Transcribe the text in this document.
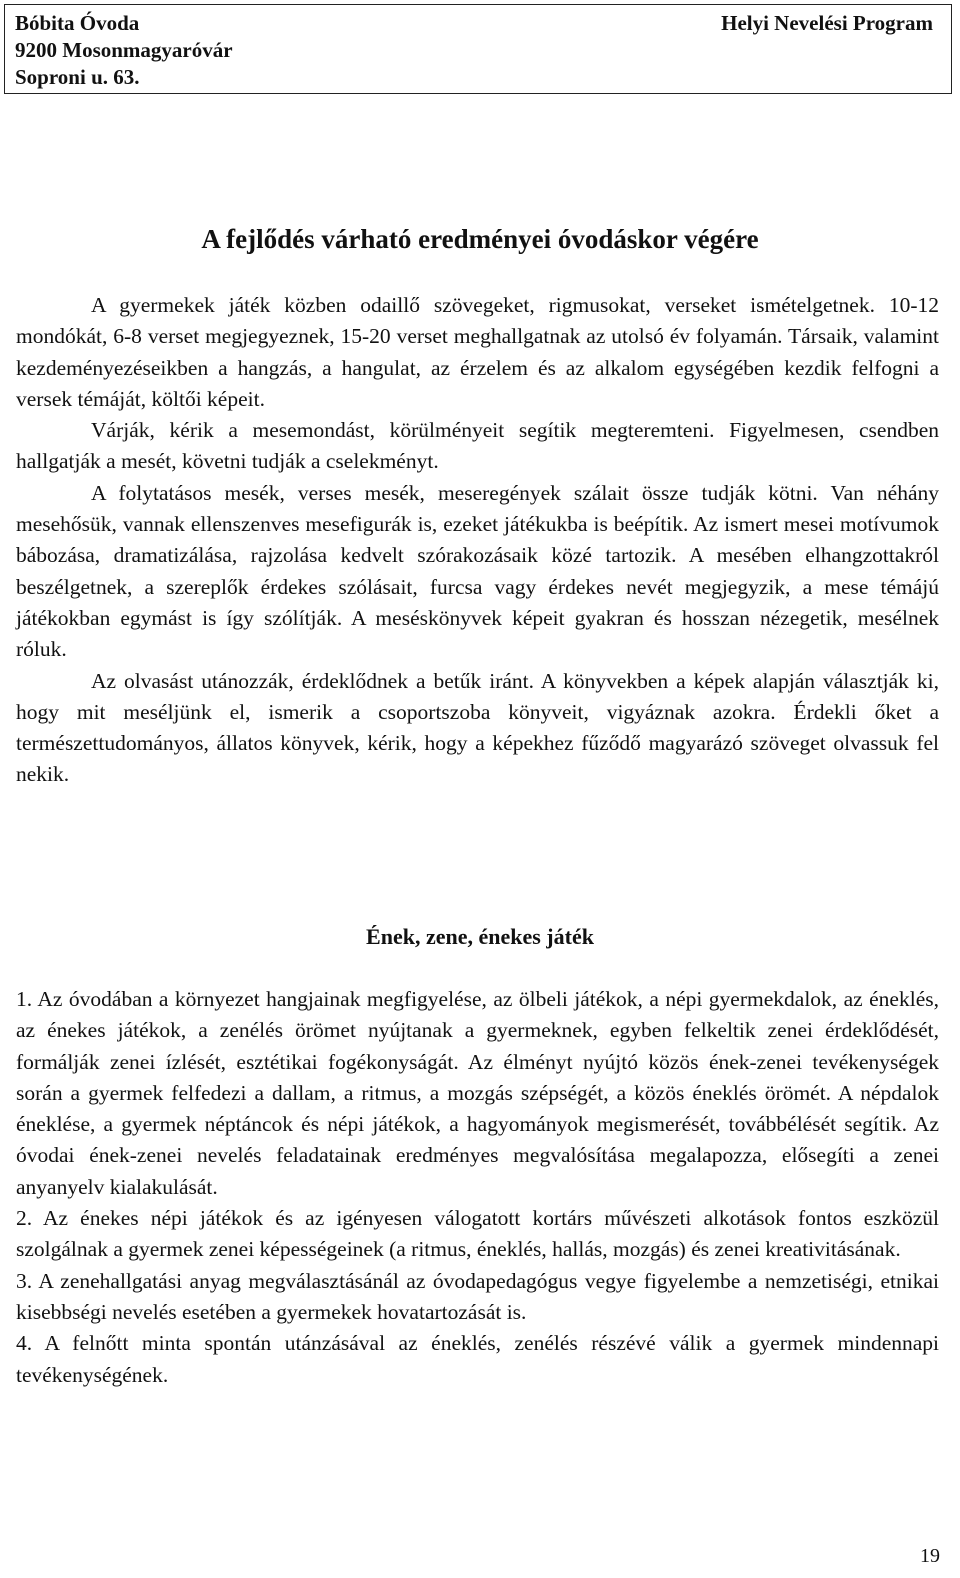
Bóbita Óvoda
9200 Mosonmagyaróvár
Soproni u. 63.
Helyi Nevelési Program
A fejlődés várható eredményei óvodáskor végére

A gyermekek játék közben odaillő szövegeket, rigmusokat, verseket ismételgetnek. 10-12 mondókát, 6-8 verset megjegyeznek, 15-20 verset meghallgatnak az utolsó év folyamán. Társaik, valamint kezdeményezéseikben a hangzás, a hangulat, az érzelem és az alkalom egységében kezdik felfogni a versek témáját, költői képeit.

Várják, kérik a mesemondást, körülményeit segítik megteremteni. Figyelmesen, csendben hallgatják a mesét, követni tudják a cselekményt.

A folytatásos mesék, verses mesék, meseregények szálait össze tudják kötni. Van néhány mesehősük, vannak ellenszenves mesefigurák is, ezeket játékukba is beépítik. Az ismert mesei motívumok bábozása, dramatizálása, rajzolása kedvelt szórakozásaik közé tartozik. A mesében elhangzottakról beszélgetnek, a szereplők érdekes szólásait, furcsa vagy érdekes nevét megjegyzik, a mese témájú játékokban egymást is így szólítják. A meséskönyvek képeit gyakran és hosszan nézegetik, mesélnek róluk.

Az olvasást utánozzák, érdeklődnek a betűk iránt. A könyvekben a képek alapján választják ki, hogy mit meséljünk el, ismerik a csoportszoba könyveit, vigyáznak azokra. Érdekli őket a természettudományos, állatos könyvek, kérik, hogy a képekhez fűződő magyarázó szöveget olvassuk fel nekik.

Ének, zene, énekes játék

1. Az óvodában a környezet hangjainak megfigyelése, az ölbeli játékok, a népi gyermekdalok, az éneklés, az énekes játékok, a zenélés örömet nyújtanak a gyermeknek, egyben felkeltik zenei érdeklődését, formálják zenei ízlését, esztétikai fogékonyságát. Az élményt nyújtó közös ének-zenei tevékenységek során a gyermek felfedezi a dallam, a ritmus, a mozgás szépségét, a közös éneklés örömét. A népdalok éneklése, a gyermek néptáncok és népi játékok, a hagyományok megismerését, továbbélését segítik. Az óvodai ének-zenei nevelés feladatainak eredményes megvalósítása megalapozza, elősegíti a zenei anyanyelv kialakulását.

2. Az énekes népi játékok és az igényesen válogatott kortárs művészeti alkotások fontos eszközül szolgálnak a gyermek zenei képességeinek (a ritmus, éneklés, hallás, mozgás) és zenei kreativitásának.

3. A zenehallgatási anyag megválasztásánál az óvodapedagógus vegye figyelembe a nemzetiségi, etnikai kisebbségi nevelés esetében a gyermekek hovatartozását is.

4. A felnőtt minta spontán utánzásával az éneklés, zenélés részévé válik a gyermek mindennapi tevékenységének.

19
